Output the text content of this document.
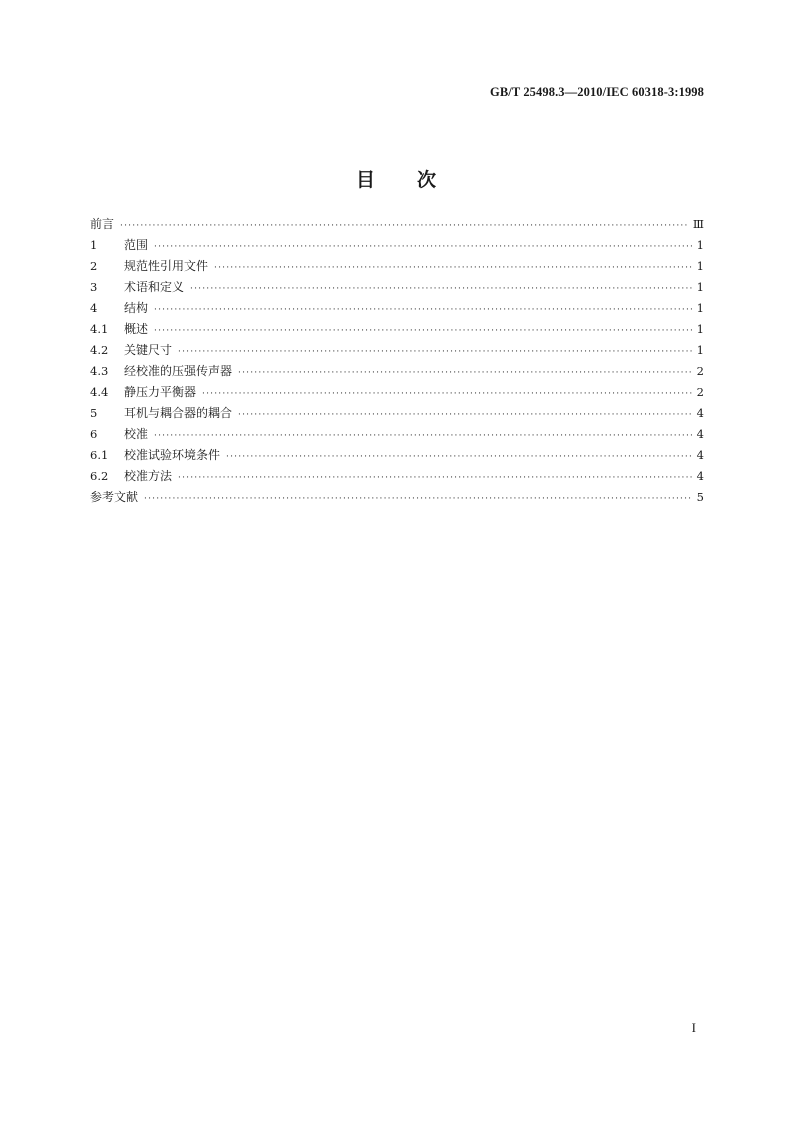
GB/T 25498.3—2010/IEC 60318-3:1998
目 次
前言 ·····	Ⅲ
1	范围 ·····	1
2	规范性引用文件 ·····	1
3	术语和定义 ·····	1
4	结构 ·····	1
4.1	概述 ·····	1
4.2	关键尺寸 ·····	1
4.3	经校准的压强传声器 ·····	2
4.4	静压力平衡器 ·····	2
5	耳机与耦合器的耦合 ·····	4
6	校准 ·····	4
6.1	校准试验环境条件 ·····	4
6.2	校准方法 ·····	4
参考文献 ·····	5
I
